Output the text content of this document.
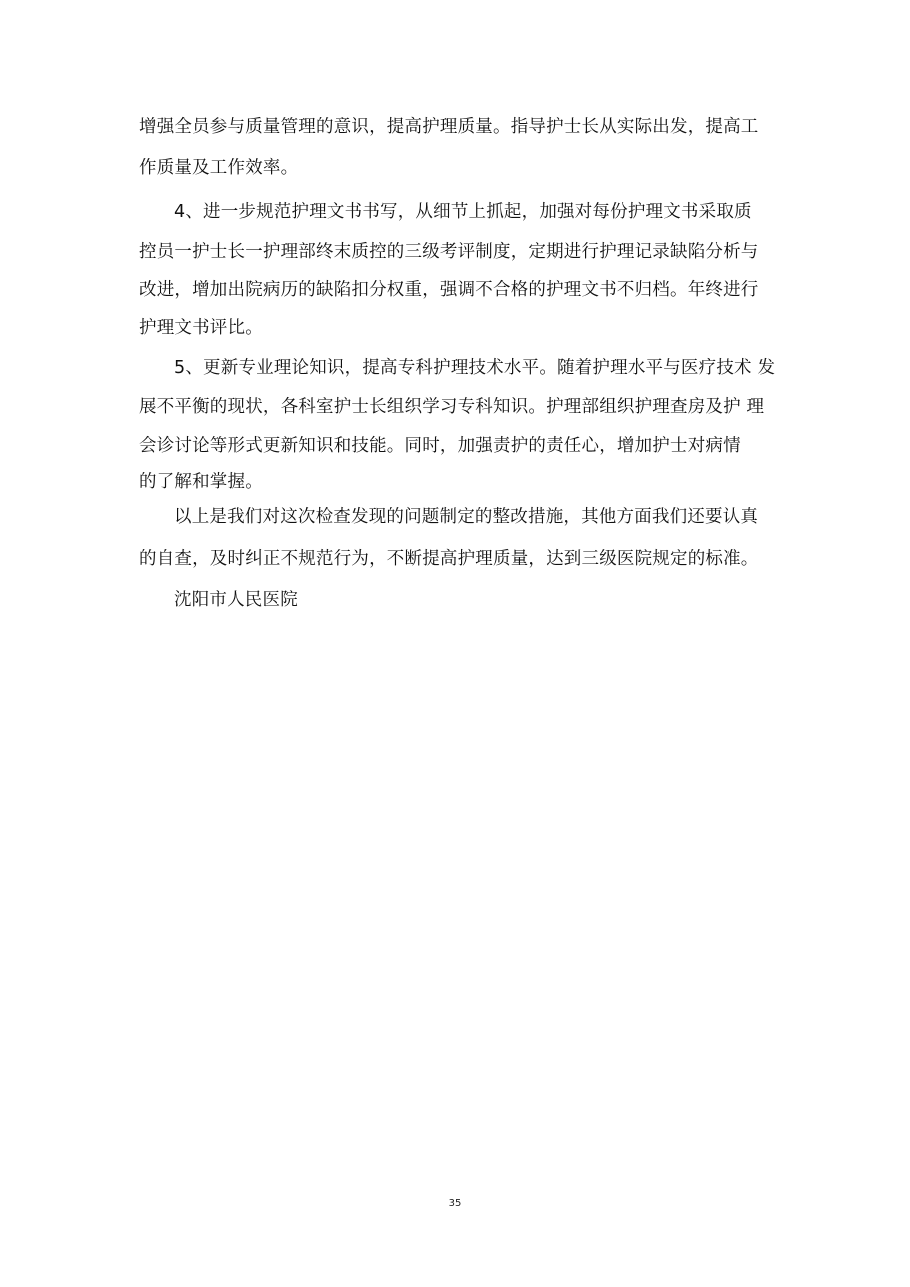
增强全员参与质量管理的意识，提高护理质量。指导护士长从实际出发，提高工
作质量及工作效率。
4、进一步规范护理文书书写，从细节上抓起，加强对每份护理文书采取质
控员一护士长一护理部终末质控的三级考评制度，定期进行护理记录缺陷分析与
改进，增加出院病历的缺陷扣分权重，强调不合格的护理文书不归档。年终进行
护理文书评比。
5、更新专业理论知识，提高专科护理技术水平。随着护理水平与医疗技术 发
展不平衡的现状，各科室护士长组织学习专科知识。护理部组织护理查房及护 理
会诊讨论等形式更新知识和技能。同时，加强责护的责任心，增加护士对病情
的了解和掌握。
以上是我们对这次检查发现的问题制定的整改措施，其他方面我们还要认真
的自查，及时纠正不规范行为，不断提高护理质量，达到三级医院规定的标准。
沈阳市人民医院
35
